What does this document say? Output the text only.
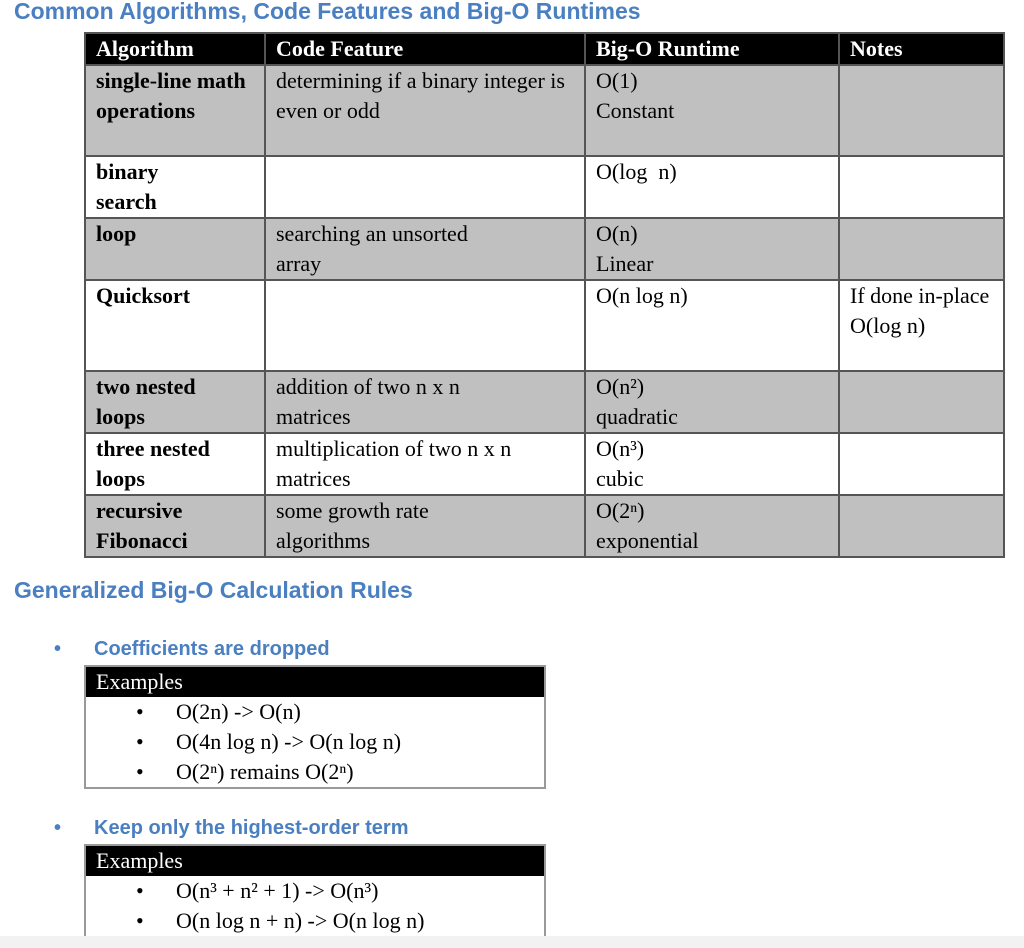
Common Algorithms, Code Features and Big-O Runtimes
Algorithm	Code Feature	Big-O Runtime	Notes
single-line math operations	determining if a binary integer is even or odd	O(1)
Constant	

binary search		O(log  n)	

loop	searching an unsorted array	O(n)
Linear	

Quicksort		O(n log n)	If done in-place O(log n)
two nested loops	addition of two n x n matrices	O(n²)
quadratic	

three nested loops	multiplication of two n x n matrices	O(n³)
cubic	

recursive Fibonacci	some growth rate algorithms	O(2ⁿ)
exponential	

Generalized Big-O Calculation Rules
• Coefficients are dropped
Examples
• O(2n) -> O(n)
• O(4n log n) -> O(n log n)
• O(2ⁿ) remains O(2ⁿ)
• Keep only the highest-order term
Examples
• O(n³ + n² + 1) -> O(n³)
• O(n log n + n) -> O(n log n)
